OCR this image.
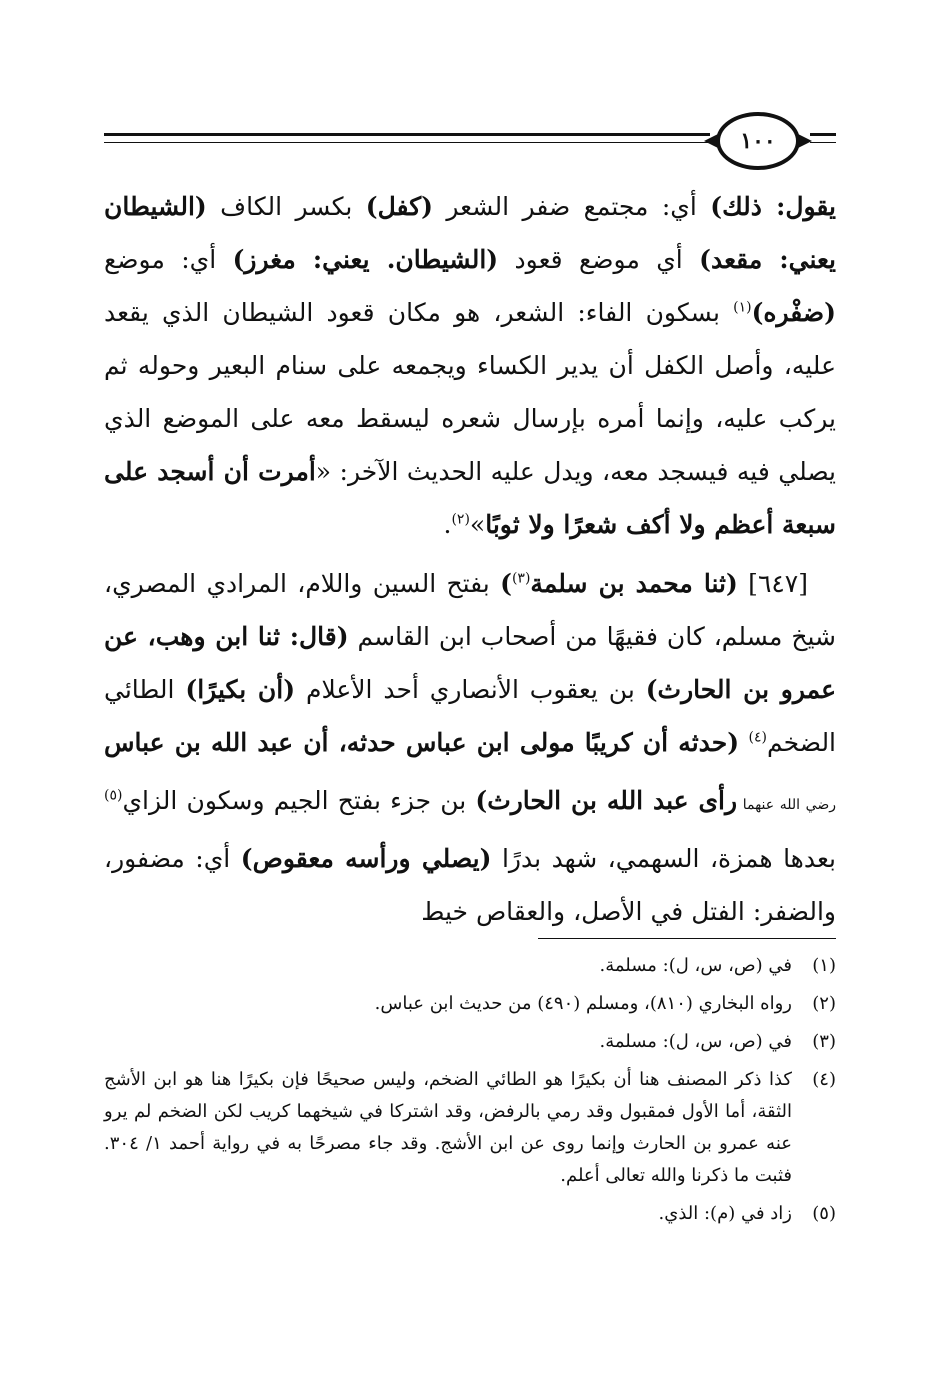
١٠٠

يقول: ذلك) أي: مجتمع ضفر الشعر (كفل) بكسر الكاف (الشيطان يعني: مقعد) أي موضع قعود (الشيطان. يعني: مغرز) أي: موضع (ضفْره)$^{(١)}$ بسكون الفاء: الشعر، هو مكان قعود الشيطان الذي يقعد عليه، وأصل الكفل أن يدير الكساء ويجمعه على سنام البعير وحوله ثم يركب عليه، وإنما أمره بإرسال شعره ليسقط معه على الموضع الذي يصلي فيه فيسجد معه، ويدل عليه الحديث الآخر: «أمرت أن أسجد على سبعة أعظم ولا أكف شعرًا ولا ثوبًا»$^{(٢)}$.

[٦٤٧] (ثنا محمد بن سلمة$^{(٣)}$) بفتح السين واللام، المرادي المصري، شيخ مسلم، كان فقيهًا من أصحاب ابن القاسم (قال: ثنا ابن وهب، عن عمرو بن الحارث) بن يعقوب الأنصاري أحد الأعلام (أن بكيرًا) الطائي الضخم$^{(٤)}$ (حدثه أن كريبًا مولى ابن عباس حدثه، أن عبد الله بن عباس رضي الله عنهما رأى عبد الله بن الحارث) بن جزء بفتح الجيم وسكون الزاي$^{(٥)}$ بعدها همزة، السهمي، شهد بدرًا (يصلي ورأسه معقوص) أي: مضفور، والضفر: الفتل في الأصل، والعقاص خيط

(١)
في (ص، س، ل): مسلمة.
(٢)
رواه البخاري (٨١٠)، ومسلم (٤٩٠) من حديث ابن عباس.
(٣)
في (ص، س، ل): مسلمة.
(٤)
كذا ذكر المصنف هنا أن بكيرًا هو الطائي الضخم، وليس صحيحًا فإن بكيرًا هنا هو ابن الأشج الثقة، أما الأول فمقبول وقد رمي بالرفض، وقد اشتركا في شيخهما كريب لكن الضخم لم يرو عنه عمرو بن الحارث وإنما روى عن ابن الأشج. وقد جاء مصرحًا به في رواية أحمد ١/ ٣٠٤. فثبت ما ذكرنا والله تعالى أعلم.
(٥)
زاد في (م): الذي.
